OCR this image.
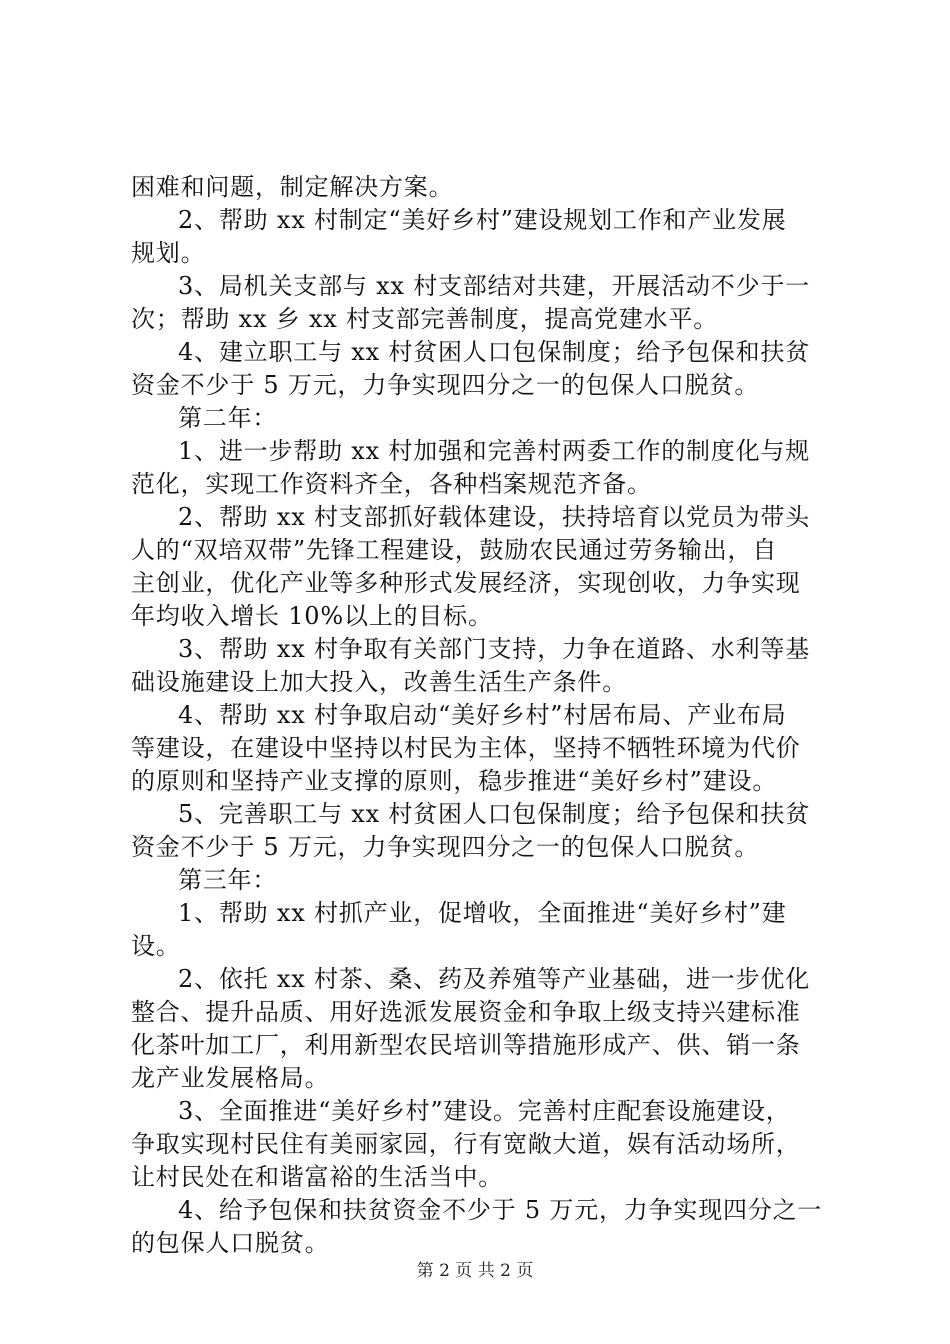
困难和问题，制定解决方案。
2、帮助 xx 村制定“美好乡村”建设规划工作和产业发展
规划。
3、局机关支部与 xx 村支部结对共建，开展活动不少于一
次；帮助 xx 乡 xx 村支部完善制度，提高党建水平。
4、建立职工与 xx 村贫困人口包保制度；给予包保和扶贫
资金不少于 5 万元，力争实现四分之一的包保人口脱贫。
第二年：
1、进一步帮助 xx 村加强和完善村两委工作的制度化与规
范化，实现工作资料齐全，各种档案规范齐备。
2、帮助 xx 村支部抓好载体建设，扶持培育以党员为带头
人的“双培双带”先锋工程建设，鼓励农民通过劳务输出，自
主创业，优化产业等多种形式发展经济，实现创收，力争实现
年均收入增长 10%以上的目标。
3、帮助 xx 村争取有关部门支持，力争在道路、水利等基
础设施建设上加大投入，改善生活生产条件。
4、帮助 xx 村争取启动“美好乡村”村居布局、产业布局
等建设，在建设中坚持以村民为主体，坚持不牺牲环境为代价
的原则和坚持产业支撑的原则，稳步推进“美好乡村”建设。
5、完善职工与 xx 村贫困人口包保制度；给予包保和扶贫
资金不少于 5 万元，力争实现四分之一的包保人口脱贫。
第三年：
1、帮助 xx 村抓产业，促增收，全面推进“美好乡村”建
设。
2、依托 xx 村茶、桑、药及养殖等产业基础，进一步优化
整合、提升品质、用好选派发展资金和争取上级支持兴建标准
化茶叶加工厂，利用新型农民培训等措施形成产、供、销一条
龙产业发展格局。
3、全面推进“美好乡村”建设。完善村庄配套设施建设，
争取实现村民住有美丽家园，行有宽敞大道，娱有活动场所，
让村民处在和谐富裕的生活当中。
4、给予包保和扶贫资金不少于 5 万元，力争实现四分之一
的包保人口脱贫。
第 2 页 共 2 页
